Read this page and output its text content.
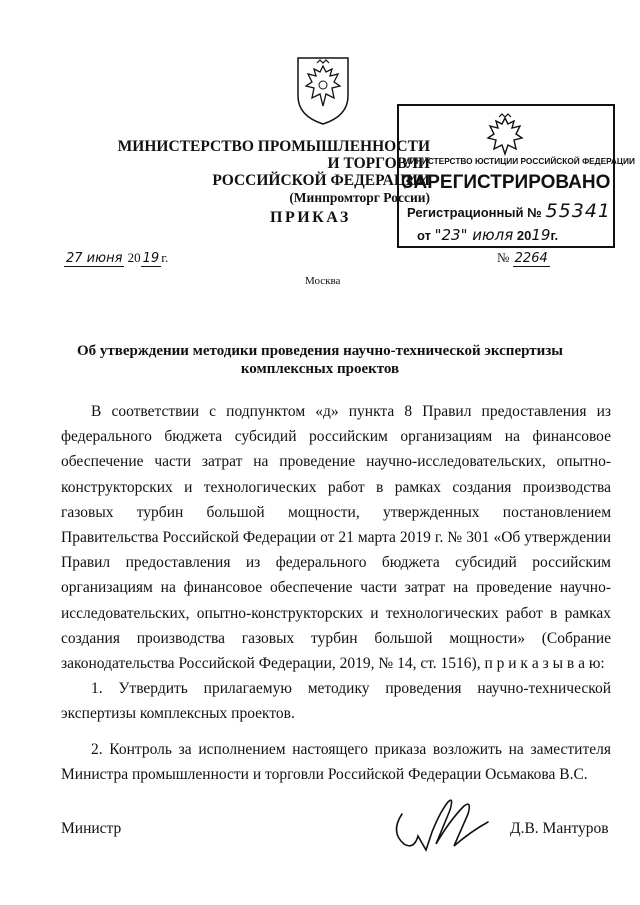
МИНИСТЕРСТВО ПРОМЫШЛЕННОСТИ И ТОРГОВЛИ
РОССИЙСКОЙ ФЕДЕРАЦИИ
(Минпромторг России)
МИНИСТЕРСТВО ЮСТИЦИИ РОССИЙСКОЙ ФЕДЕРАЦИИ
ЗАРЕГИСТРИРОВАНО
Регистрационный № 55341
от "23" июля 2019г.
ПРИКАЗ
27 июня 20 19 г.	№ 2264
Москва
Об утверждении методики проведения научно-технической экспертизы
комплексных проектов

В соответствии с подпунктом «д» пункта 8 Правил предоставления из федерального бюджета субсидий российским организациям на финансовое обеспечение части затрат на проведение научно-исследовательских, опытно-конструкторских и технологических работ в рамках создания производства газовых турбин большой мощности, утвержденных постановлением Правительства Российской Федерации от 21 марта 2019 г. № 301 «Об утверждении Правил предоставления из федерального бюджета субсидий российским организациям на финансовое обеспечение части затрат на проведение научно-исследовательских, опытно-конструкторских и технологических работ в рамках создания производства газовых турбин большой мощности» (Собрание законодательства Российской Федерации, 2019, № 14, ст. 1516), п р и к а з ы в а ю:

1. Утвердить прилагаемую методику проведения научно-технической экспертизы комплексных проектов.

2. Контроль за исполнением настоящего приказа возложить на заместителя Министра промышленности и торговли Российской Федерации Осьмакова В.С.

Министр	Д.В. Мантуров
